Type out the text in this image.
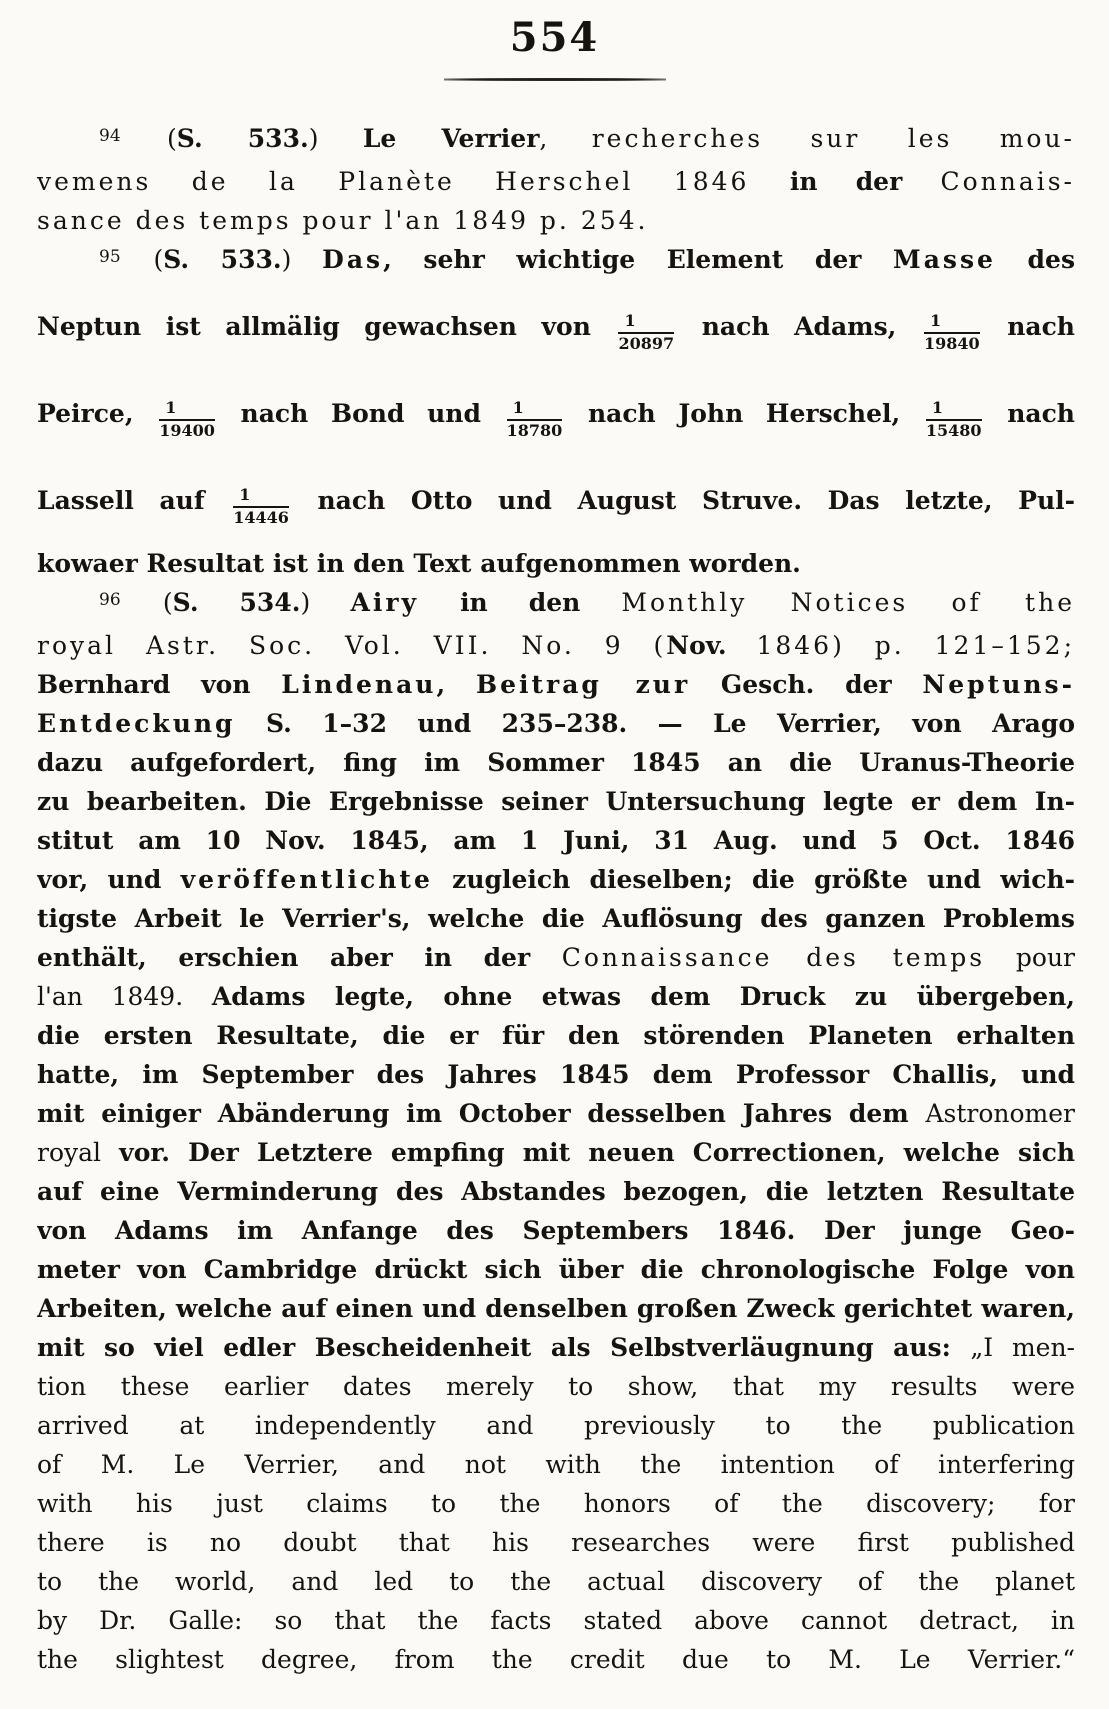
554
$^{94}$ (S. 533.) Le Verrier, recherches sur les mou-
vemens de la Planète Herschel 1846 in der Connais-
sance des temps pour l'an 1849 p. 254.
$^{95}$ (S. 533.) Das, sehr wichtige Element der Masse des
Neptun ist allmälig gewachsen von $\frac{1}{20897}$ nach Adams, $\frac{1}{19840}$ nach
Peirce, $\frac{1}{19400}$ nach Bond und $\frac{1}{18780}$ nach John Herschel, $\frac{1}{15480}$ nach
Lassell auf $\frac{1}{14446}$ nach Otto und August Struve. Das letzte, Pul-
kowaer Resultat ist in den Text aufgenommen worden.
$^{96}$ (S. 534.) Airy in den Monthly Notices of the
royal Astr. Soc. Vol. VII. No. 9 (Nov. 1846) p. 121–152;
Bernhard von Lindenau, Beitrag zur Gesch. der Neptuns-
Entdeckung S. 1–32 und 235–238. — Le Verrier, von Arago
dazu aufgefordert, fing im Sommer 1845 an die Uranus-Theorie
zu bearbeiten. Die Ergebnisse seiner Untersuchung legte er dem In-
stitut am 10 Nov. 1845, am 1 Juni, 31 Aug. und 5 Oct. 1846
vor, und veröffentlichte zugleich dieselben; die größte und wich-
tigste Arbeit le Verrier's, welche die Auflösung des ganzen Problems
enthält, erschien aber in der Connaissance des temps pour
l'an 1849. Adams legte, ohne etwas dem Druck zu übergeben,
die ersten Resultate, die er für den störenden Planeten erhalten
hatte, im September des Jahres 1845 dem Professor Challis, und
mit einiger Abänderung im October desselben Jahres dem Astronomer
royal vor. Der Letztere empfing mit neuen Correctionen, welche sich
auf eine Verminderung des Abstandes bezogen, die letzten Resultate
von Adams im Anfange des Septembers 1846. Der junge Geo-
meter von Cambridge drückt sich über die chronologische Folge von
Arbeiten, welche auf einen und denselben großen Zweck gerichtet waren,
mit so viel edler Bescheidenheit als Selbstverläugnung aus: „I men-
tion these earlier dates merely to show, that my results were
arrived at independently and previously to the publication
of M. Le Verrier, and not with the intention of interfering
with his just claims to the honors of the discovery; for
there is no doubt that his researches were first published
to the world, and led to the actual discovery of the planet
by Dr. Galle: so that the facts stated above cannot detract, in
the slightest degree, from the credit due to M. Le Verrier.“
